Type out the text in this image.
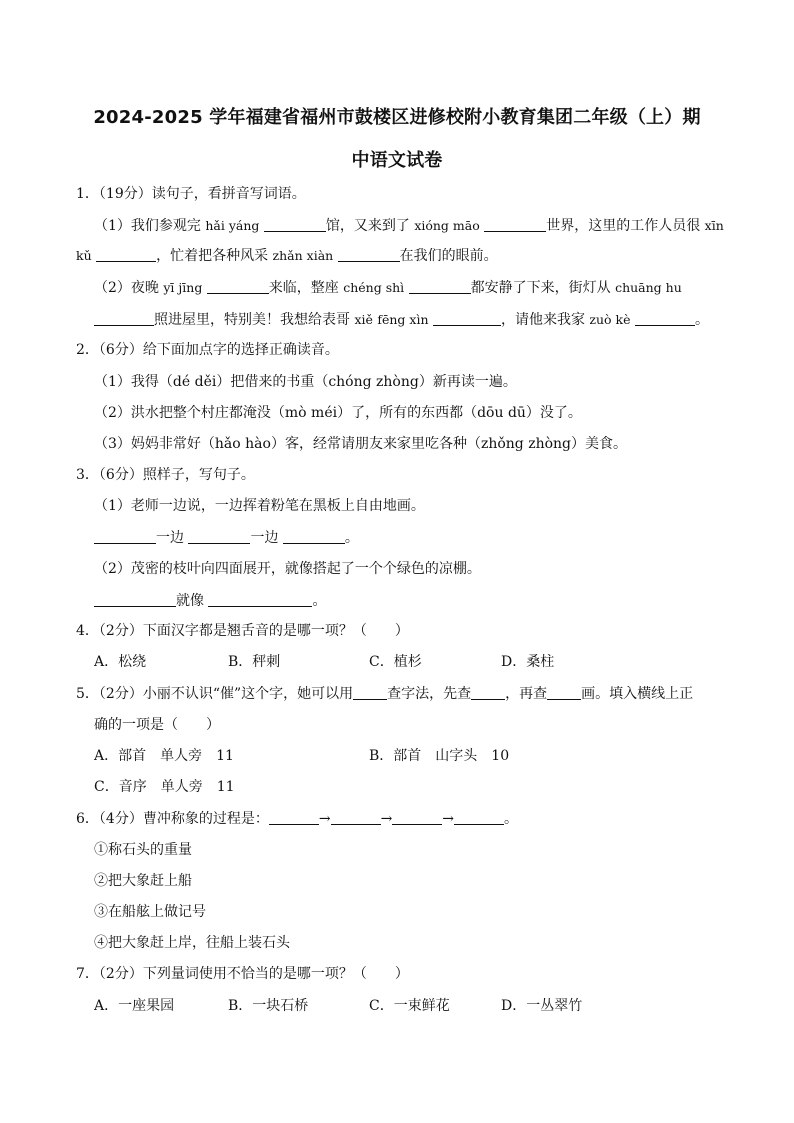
2024-2025 学年福建省福州市鼓楼区进修校附小教育集团二年级（上）期
中语文试卷
1．（19分）读句子，看拼音写词语。
（1）我们参观完 hǎi yáng	馆，又来到了 xióng māo	世界，这里的工作人员很 xīn
kǔ	，忙着把各种风采 zhǎn xiàn	在我们的眼前。
（2）夜晚 yī jīng	来临，整座 chéng shì	都安静了下来，街灯从 chuāng hu
照进屋里，特别美！我想给表哥 xiě fēng xìn	，请他来我家 zuò kè	。
2．（6分）给下面加点字的选择正确读音。
（1）我得（dé děi）把借来的书重（chóng zhòng）新再读一遍。
（2）洪水把整个村庄都淹没（mò méi）了，所有的东西都（dōu dū）没了。
（3）妈妈非常好（hǎo hào）客，经常请朋友来家里吃各种（zhǒng zhòng）美食。
3．（6分）照样子，写句子。
（1）老师一边说，一边挥着粉笔在黑板上自由地画。
一边	一边	。
（2）茂密的枝叶向四面展开，就像搭起了一个个绿色的凉棚。
就像	。
4．（2分）下面汉字都是翘舌音的是哪一项？（　　）
A．松绕	B．秤刺	C．植杉	D．桑柱
5．（2分）小丽不认识“催”这个字，她可以用 查字法，先查 ，再查 画。填入横线上正
确的一项是（　　）
A．部首　单人旁　11	B．部首　山字头　10
C．音序　单人旁　11
6．（4分）曹冲称象的过程是：	→	→	→	。
①称石头的重量
②把大象赶上船
③在船舷上做记号
④把大象赶上岸，往船上装石头
7．（2分）下列量词使用不恰当的是哪一项？（　　）
A．一座果园	B．一块石桥	C．一束鲜花	D．一丛翠竹
